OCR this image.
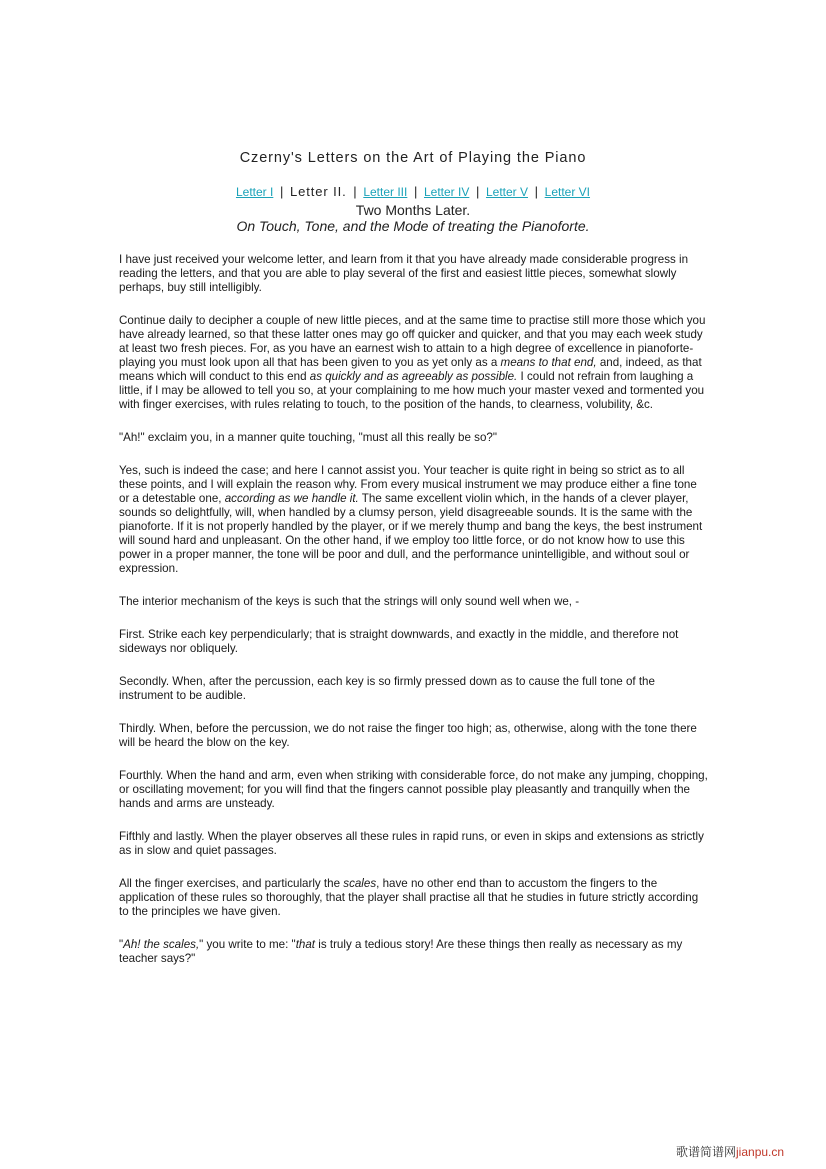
Czerny's Letters on the Art of Playing the Piano
Letter I | Letter II. | Letter III | Letter IV | Letter V | Letter VI
Two Months Later.
On Touch, Tone, and the Mode of treating the Pianoforte.

I have just received your welcome letter, and learn from it that you have already made considerable progress in reading the letters, and that you are able to play several of the first and easiest little pieces, somewhat slowly perhaps, buy still intelligibly.

Continue daily to decipher a couple of new little pieces, and at the same time to practise still more those which you have already learned, so that these latter ones may go off quicker and quicker, and that you may each week study at least two fresh pieces. For, as you have an earnest wish to attain to a high degree of excellence in pianoforte-playing you must look upon all that has been given to you as yet only as a means to that end, and, indeed, as that means which will conduct to this end as quickly and as agreeably as possible. I could not refrain from laughing a little, if I may be allowed to tell you so, at your complaining to me how much your master vexed and tormented you with finger exercises, with rules relating to touch, to the position of the hands, to clearness, volubility, &c.

"Ah!" exclaim you, in a manner quite touching, "must all this really be so?"

Yes, such is indeed the case; and here I cannot assist you. Your teacher is quite right in being so strict as to all these points, and I will explain the reason why. From every musical instrument we may produce either a fine tone or a detestable one, according as we handle it. The same excellent violin which, in the hands of a clever player, sounds so delightfully, will, when handled by a clumsy person, yield disagreeable sounds. It is the same with the pianoforte. If it is not properly handled by the player, or if we merely thump and bang the keys, the best instrument will sound hard and unpleasant. On the other hand, if we employ too little force, or do not know how to use this power in a proper manner, the tone will be poor and dull, and the performance unintelligible, and without soul or expression.

The interior mechanism of the keys is such that the strings will only sound well when we, -

First. Strike each key perpendicularly; that is straight downwards, and exactly in the middle, and therefore not sideways nor obliquely.

Secondly. When, after the percussion, each key is so firmly pressed down as to cause the full tone of the instrument to be audible.

Thirdly. When, before the percussion, we do not raise the finger too high; as, otherwise, along with the tone there will be heard the blow on the key.

Fourthly. When the hand and arm, even when striking with considerable force, do not make any jumping, chopping, or oscillating movement; for you will find that the fingers cannot possible play pleasantly and tranquilly when the hands and arms are unsteady.

Fifthly and lastly. When the player observes all these rules in rapid runs, or even in skips and extensions as strictly as in slow and quiet passages.

All the finger exercises, and particularly the scales, have no other end than to accustom the fingers to the application of these rules so thoroughly, that the player shall practise all that he studies in future strictly according to the principles we have given.

"Ah! the scales," you write to me: "that is truly a tedious story! Are these things then really as necessary as my teacher says?"

歌谱简谱网jianpu.cn
